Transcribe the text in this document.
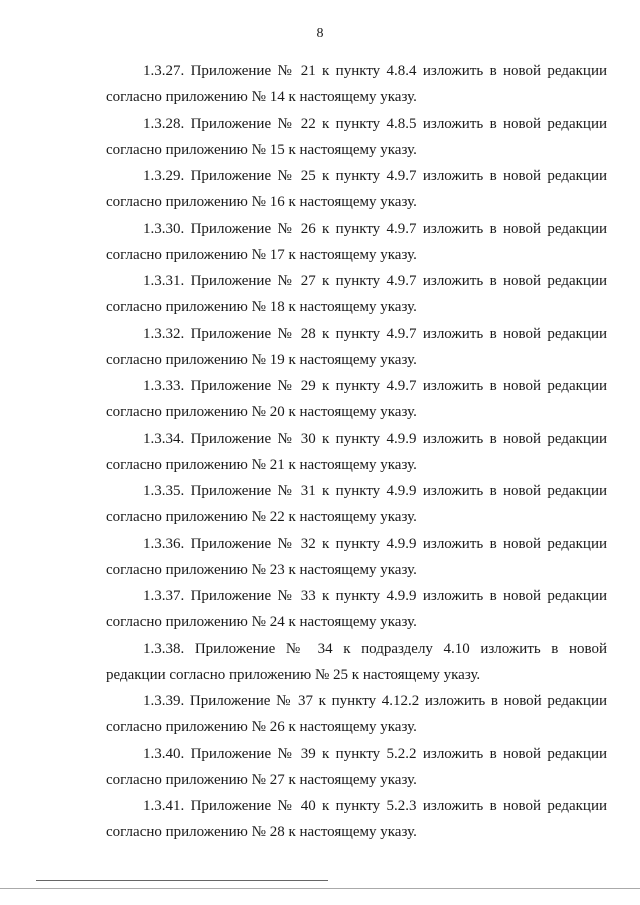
8
1.3.27. Приложение № 21 к пункту 4.8.4 изложить в новой редакции
согласно приложению № 14 к настоящему указу.
1.3.28. Приложение № 22 к пункту 4.8.5 изложить в новой редакции
согласно приложению № 15 к настоящему указу.
1.3.29. Приложение № 25 к пункту 4.9.7 изложить в новой редакции
согласно приложению № 16 к настоящему указу.
1.3.30. Приложение № 26 к пункту 4.9.7 изложить в новой редакции
согласно приложению № 17 к настоящему указу.
1.3.31. Приложение № 27 к пункту 4.9.7 изложить в новой редакции
согласно приложению № 18 к настоящему указу.
1.3.32. Приложение № 28 к пункту 4.9.7 изложить в новой редакции
согласно приложению № 19 к настоящему указу.
1.3.33. Приложение № 29 к пункту 4.9.7 изложить в новой редакции
согласно приложению № 20 к настоящему указу.
1.3.34. Приложение № 30 к пункту 4.9.9 изложить в новой редакции
согласно приложению № 21 к настоящему указу.
1.3.35. Приложение № 31 к пункту 4.9.9 изложить в новой редакции
согласно приложению № 22 к настоящему указу.
1.3.36. Приложение № 32 к пункту 4.9.9 изложить в новой редакции
согласно приложению № 23 к настоящему указу.
1.3.37. Приложение № 33 к пункту 4.9.9 изложить в новой редакции
согласно приложению № 24 к настоящему указу.
1.3.38. Приложение № 34 к подразделу 4.10 изложить в новой
редакции согласно приложению № 25 к настоящему указу.
1.3.39. Приложение № 37 к пункту 4.12.2 изложить в новой редакции
согласно приложению № 26 к настоящему указу.
1.3.40. Приложение № 39 к пункту 5.2.2 изложить в новой редакции
согласно приложению № 27 к настоящему указу.
1.3.41. Приложение № 40 к пункту 5.2.3 изложить в новой редакции
согласно приложению № 28 к настоящему указу.
